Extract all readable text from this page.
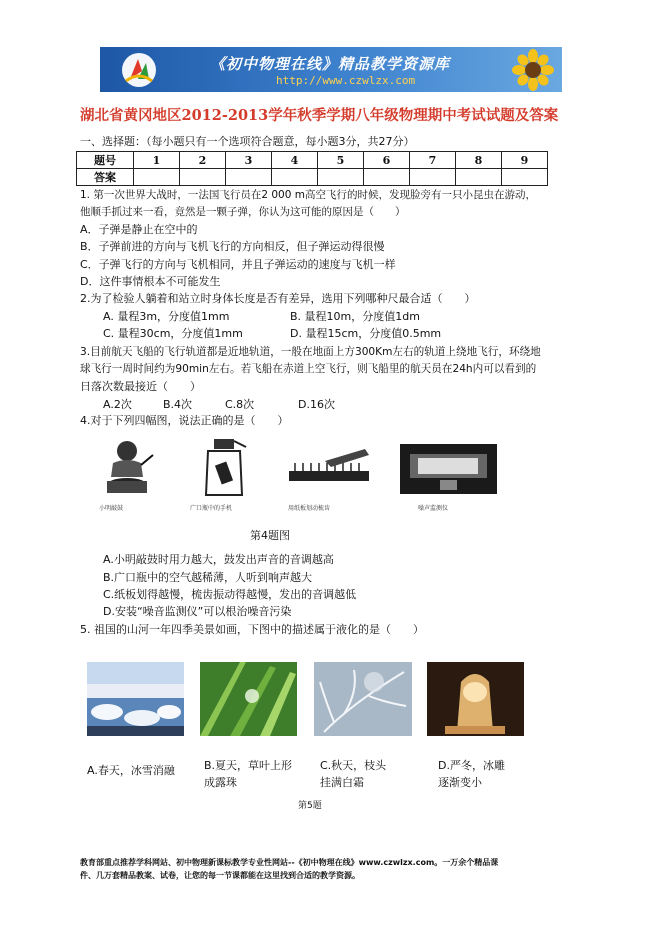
《初中物理在线》精品教学资源库
http://www.czwlzx.com
湖北省黄冈地区2012-2013学年秋季学期八年级物理期中考试试题及答案
一、选择题：（每小题只有一个选项符合题意，每小题3分，共27分）
题号	1	2	3	4	5	6	7	8	9
答案									
1. 第一次世界大战时，一法国飞行员在2 000 m高空飞行的时候，发现脸旁有一只小昆虫在游动，
他顺手抓过来一看，竟然是一颗子弹，你认为这可能的原因是（　　）
A．子弹是静止在空中的
B．子弹前进的方向与飞机飞行的方向相反，但子弹运动得很慢
C．子弹飞行的方向与飞机相同，并且子弹运动的速度与飞机一样
D．这件事情根本不可能发生
2.为了检验人躺着和站立时身体长度是否有差异，选用下列哪种尺最合适（　　）
A. 量程3m，分度值1mm	B. 量程10m，分度值1dm
C. 量程30cm，分度值1mm	D. 量程15cm，分度值0.5mm
3.目前航天飞船的飞行轨道都是近地轨道，一般在地面上方300Km左右的轨道上绕地飞行，环绕地
球飞行一周时间约为90min左右。若飞船在赤道上空飞行，则飞船里的航天员在24h内可以看到的
日落次数最接近（　　）
A.2次	B.4次	C.8次	D.16次
4.对于下列四幅图，说法正确的是（　　）
小明敲鼓	广口瓶中的手机	用纸板划动梳齿	噪声监测仪
第4题图
A.小明敲鼓时用力越大，鼓发出声音的音调越高
B.广口瓶中的空气越稀薄，人听到响声越大
C.纸板划得越慢，梳齿振动得越慢，发出的音调越低
D.安装“噪音监测仪”可以根治噪音污染
5. 祖国的山河一年四季美景如画，下图中的描述属于液化的是（　　）
A.春天，冰雪消融	B.夏天，草叶上形
成露珠
C.秋天，枝头
挂满白霜
D.严冬，冰雕
逐渐变小
第5题
教育部重点推荐学科网站、初中物理新课标教学专业性网站--《初中物理在线》www.czwlzx.com。一万余个精品课
件、几万套精品教案、试卷，让您的每一节课都能在这里找到合适的教学资源。
